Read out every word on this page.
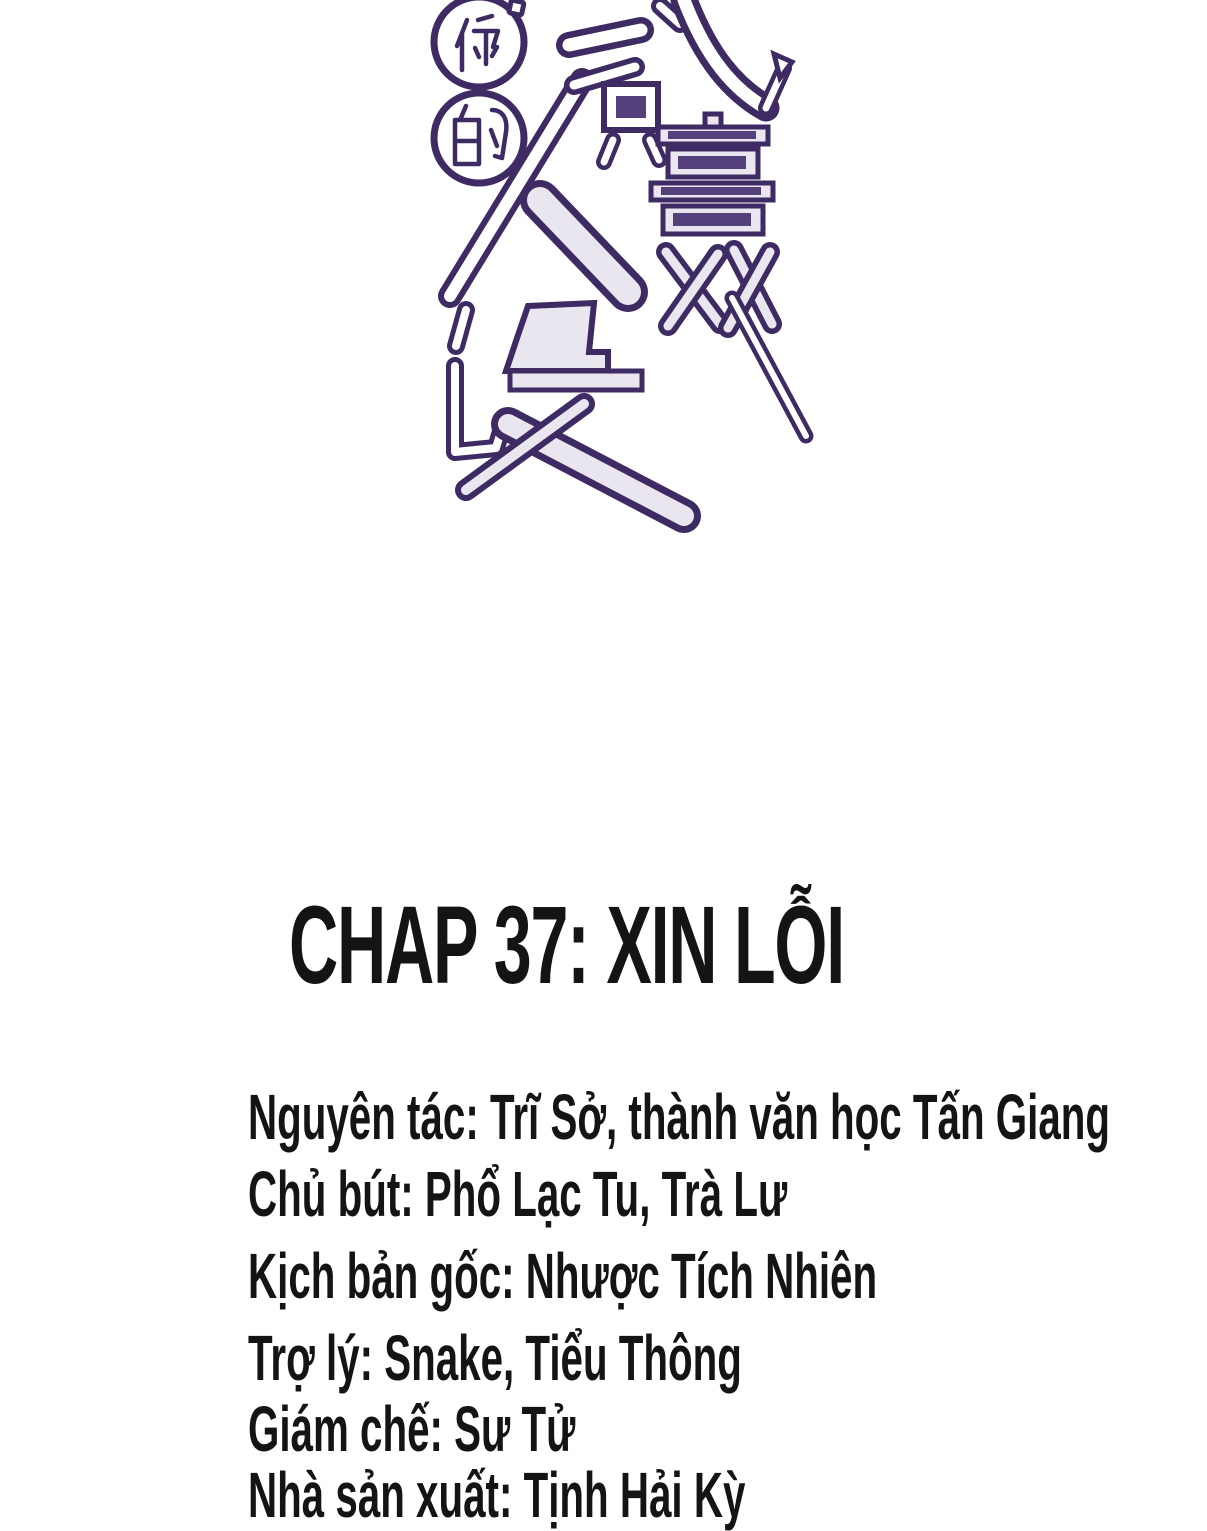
CHAP 37: XIN LỖI
Nguyên tác: Trĩ Sở, thành văn học Tấn Giang
Chủ bút: Phổ Lạc Tu, Trà Lư
Kịch bản gốc: Nhược Tích Nhiên
Trợ lý: Snake, Tiểu Thông
Giám chế: Sư Tử
Nhà sản xuất: Tịnh Hải Kỳ
